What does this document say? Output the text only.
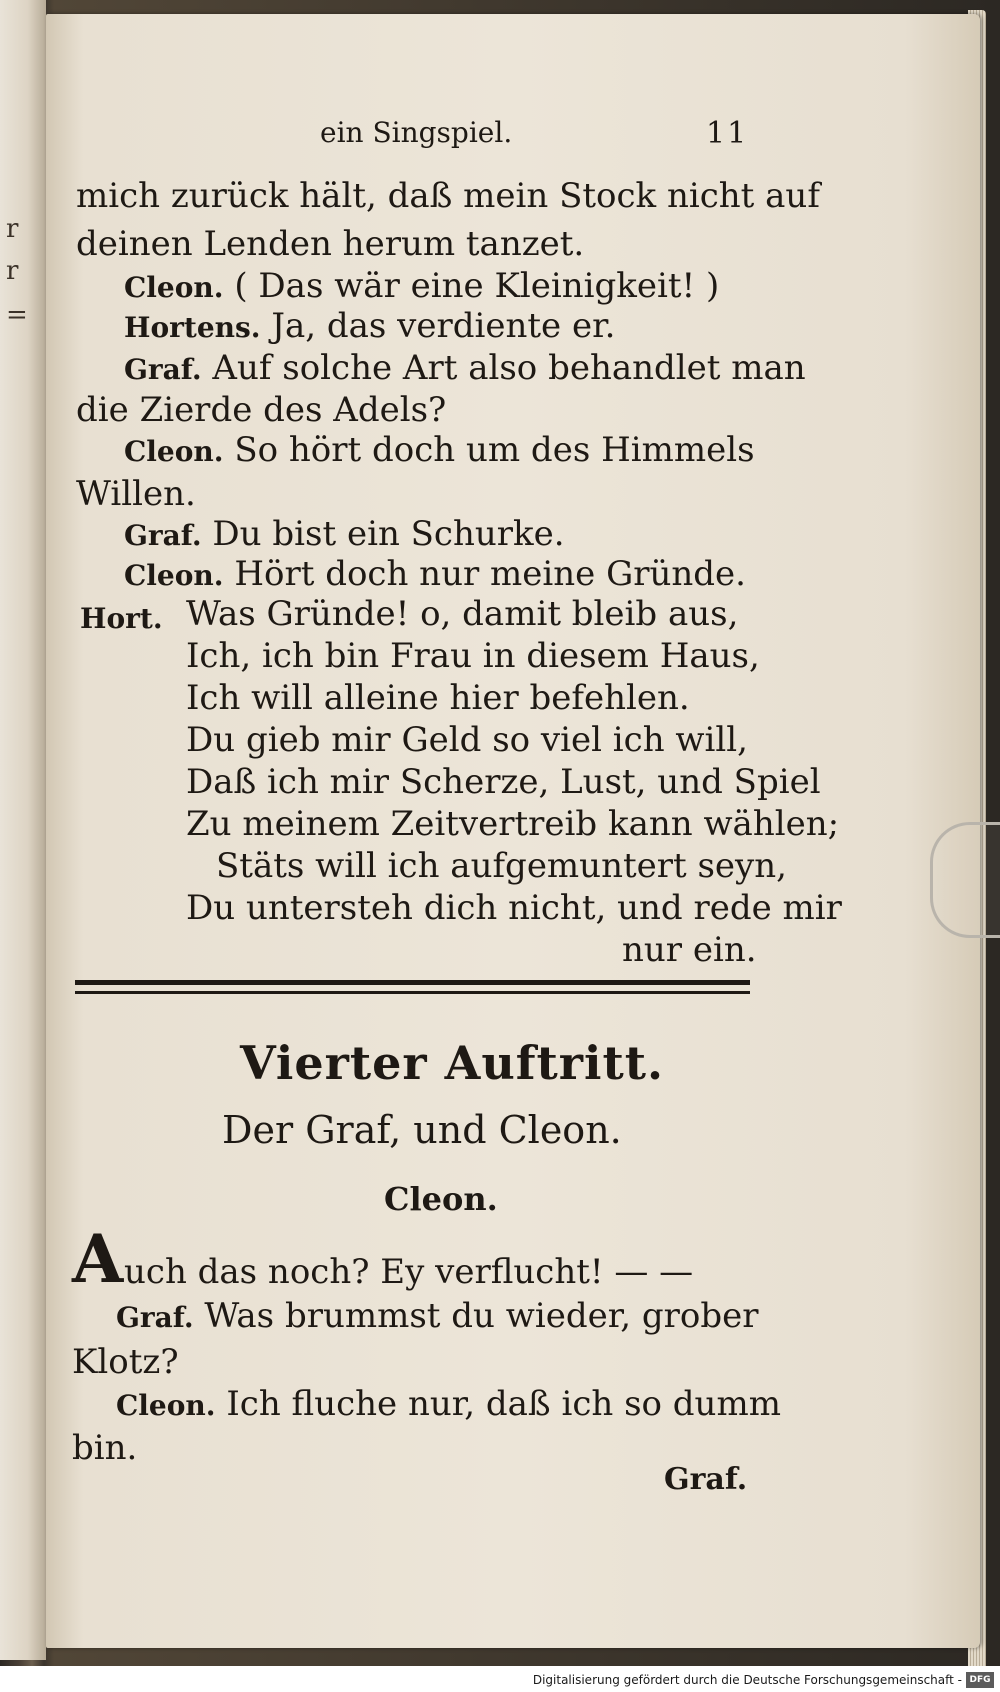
r
r
=
ein Singspiel.	11
mich zurück hält, daß mein Stock nicht auf
deinen Lenden herum tanzet.
Cleon. ( Das wär eine Kleinigkeit! )
Hortens. Ja, das verdiente er.
Graf. Auf solche Art also behandlet man
die Zierde des Adels?
Cleon. So hört doch um des Himmels
Willen.
Graf. Du bist ein Schurke.
Cleon. Hört doch nur meine Gründe.
Hort. Was Gründe! o, damit bleib aus,
Ich, ich bin Frau in diesem Haus,
Ich will alleine hier befehlen.
Du gieb mir Geld so viel ich will,
Daß ich mir Scherze, Lust, und Spiel
Zu meinem Zeitvertreib kann wählen;
Stäts will ich aufgemuntert seyn,
Du untersteh dich nicht, und rede mir
nur ein.
Vierter Auftritt.
Der Graf, und Cleon.
Cleon.
A uch das noch? Ey verflucht! — —
Graf. Was brummst du wieder, grober
Klotz?
Cleon. Ich fluche nur, daß ich so dumm
bin.
Graf.
Digitalisierung gefördert durch die Deutsche Forschungsgemeinschaft - DFG
